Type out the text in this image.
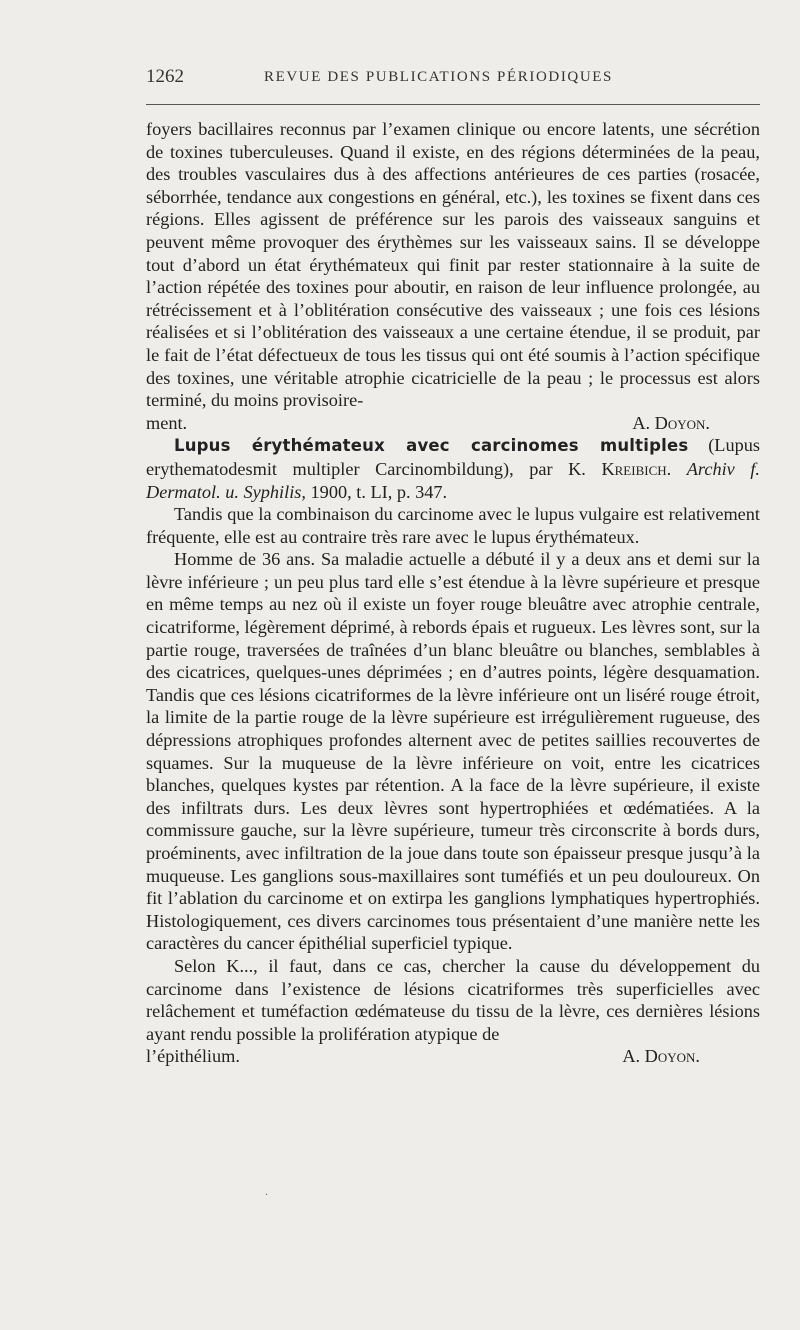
1262	REVUE DES PUBLICATIONS PÉRIODIQUES

foyers bacillaires reconnus par l’examen clinique ou encore latents, une sécrétion de toxines tuberculeuses. Quand il existe, en des régions déterminées de la peau, des troubles vasculaires dus à des affections antérieures de ces parties (rosacée, séborrhée, tendance aux congestions en général, etc.), les toxines se fixent dans ces régions. Elles agissent de préférence sur les parois des vaisseaux sanguins et peuvent même provoquer des érythèmes sur les vaisseaux sains. Il se développe tout d’abord un état érythémateux qui finit par rester stationnaire à la suite de l’action répétée des toxines pour aboutir, en raison de leur influence prolongée, au rétrécissement et à l’oblitération consécutive des vaisseaux ; une fois ces lésions réalisées et si l’oblitération des vaisseaux a une certaine étendue, il se produit, par le fait de l’état défectueux de tous les tissus qui ont été soumis à l’action spécifique des toxines, une véritable atrophie cicatricielle de la peau ; le processus est alors terminé, du moins provisoire-

ment.	A. Doyon.

Lupus érythémateux avec carcinomes multiples (Lupus erythematodesmit multipler Carcinombildung), par K. Kreibich. Archiv f. Dermatol. u. Syphilis, 1900, t. LI, p. 347.

Tandis que la combinaison du carcinome avec le lupus vulgaire est relativement fréquente, elle est au contraire très rare avec le lupus érythémateux.

Homme de 36 ans. Sa maladie actuelle a débuté il y a deux ans et demi sur la lèvre inférieure ; un peu plus tard elle s’est étendue à la lèvre supérieure et presque en même temps au nez où il existe un foyer rouge bleuâtre avec atrophie centrale, cicatriforme, légèrement déprimé, à rebords épais et rugueux. Les lèvres sont, sur la partie rouge, traversées de traînées d’un blanc bleuâtre ou blanches, semblables à des cicatrices, quelques-unes déprimées ; en d’autres points, légère desquamation. Tandis que ces lésions cicatriformes de la lèvre inférieure ont un liséré rouge étroit, la limite de la partie rouge de la lèvre supérieure est irrégulièrement rugueuse, des dépressions atrophiques profondes alternent avec de petites saillies recouvertes de squames. Sur la muqueuse de la lèvre inférieure on voit, entre les cicatrices blanches, quelques kystes par rétention. A la face de la lèvre supérieure, il existe des infiltrats durs. Les deux lèvres sont hypertrophiées et œdématiées. A la commissure gauche, sur la lèvre supérieure, tumeur très circonscrite à bords durs, proéminents, avec infiltration de la joue dans toute son épaisseur presque jusqu’à la muqueuse. Les ganglions sous-maxillaires sont tuméfiés et un peu douloureux. On fit l’ablation du carcinome et on extirpa les ganglions lymphatiques hypertrophiés. Histologiquement, ces divers carcinomes tous présentaient d’une manière nette les caractères du cancer épithélial superficiel typique.

Selon K..., il faut, dans ce cas, chercher la cause du développement du carcinome dans l’existence de lésions cicatriformes très superficielles avec relâchement et tuméfaction œdémateuse du tissu de la lèvre, ces dernières lésions ayant rendu possible la prolifération atypique de

l’épithélium.	A. Doyon.
·
